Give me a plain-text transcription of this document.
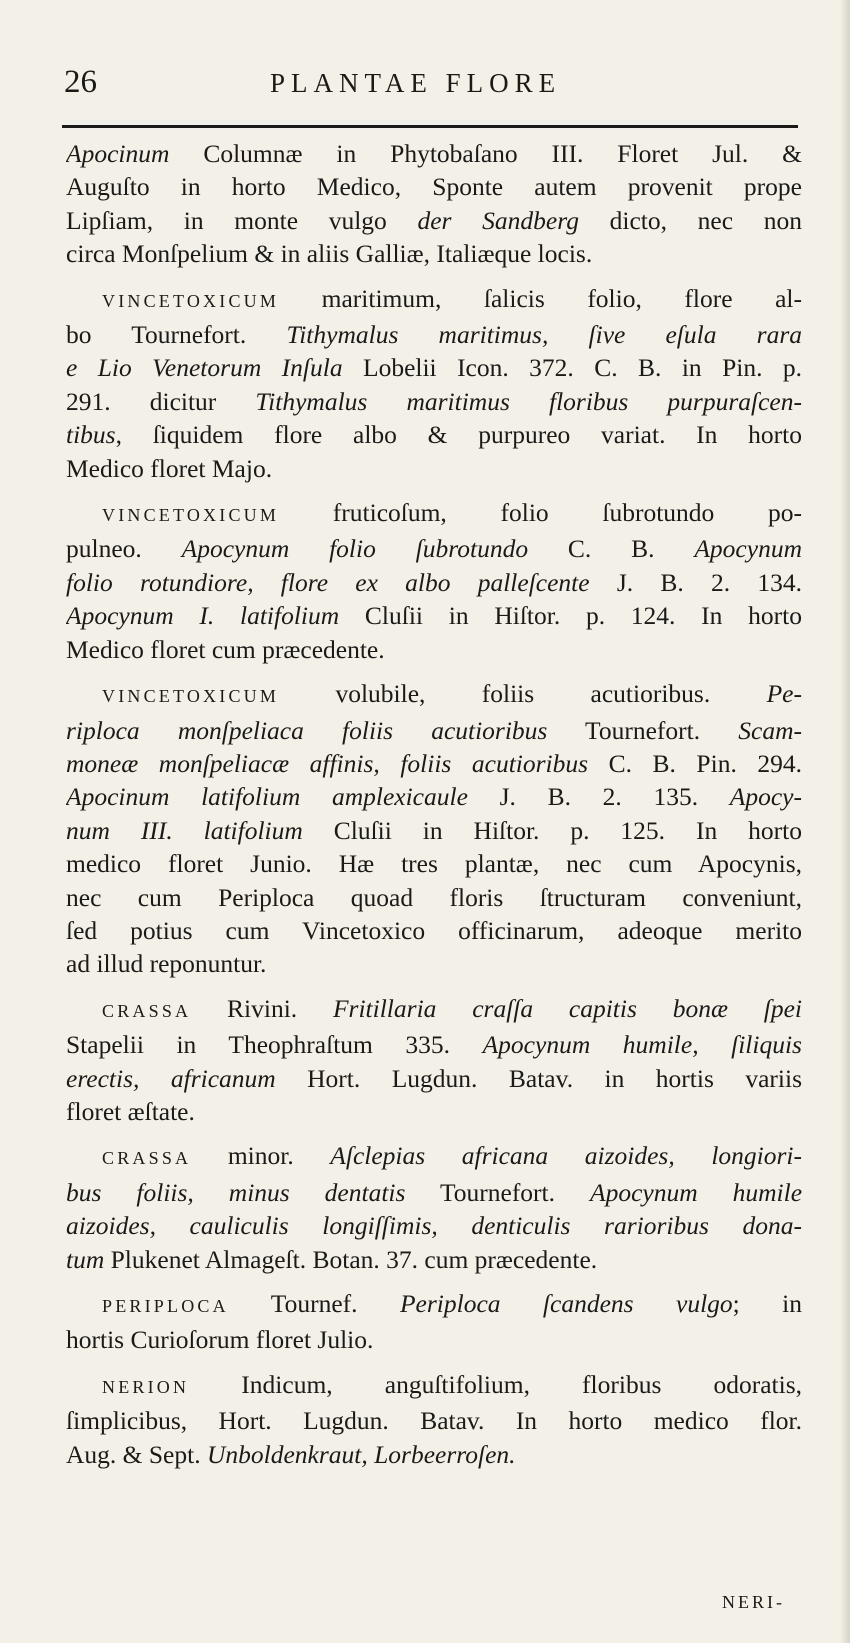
26	PLANTAE FLORE
Apocinum Columnæ in Phytobaſano III. Floret Jul. &
Auguſto in horto Medico, Sponte autem provenit prope
Lipſiam, in monte vulgo der Sandberg dicto, nec non
circa Monſpelium & in aliis Galliæ, Italiæque locis.
VINCETOXICUM maritimum, ſalicis folio, flore al-
bo Tournefort. Tithymalus maritimus, ſive eſula rara
e Lio Venetorum Inſula Lobelii Icon. 372. C. B. in Pin. p.
291. dicitur Tithymalus maritimus floribus purpuraſcen-
tibus, ſiquidem flore albo & purpureo variat. In horto
Medico floret Majo.
VINCETOXICUM fruticoſum, folio ſubrotundo po-
pulneo. Apocynum folio ſubrotundo C. B. Apocynum
folio rotundiore, flore ex albo palleſcente J. B. 2. 134.
Apocynum I. latifolium Cluſii in Hiſtor. p. 124. In horto
Medico floret cum præcedente.
VINCETOXICUM volubile, foliis acutioribus. Pe-
riploca monſpeliaca foliis acutioribus Tournefort. Scam-
moneæ monſpeliacæ affinis, foliis acutioribus C. B. Pin. 294.
Apocinum latifolium amplexicaule J. B. 2. 135. Apocy-
num III. latifolium Cluſii in Hiſtor. p. 125. In horto
medico floret Junio. Hæ tres plantæ, nec cum Apocynis,
nec cum Periploca quoad floris ſtructuram conveniunt,
ſed potius cum Vincetoxico officinarum, adeoque merito
ad illud reponuntur.
CRASSA Rivini. Fritillaria craſſa capitis bonæ ſpei
Stapelii in Theophraſtum 335. Apocynum humile, ſiliquis
erectis, africanum Hort. Lugdun. Batav. in hortis variis
floret æſtate.
CRASSA minor. Aſclepias africana aizoides, longiori-
bus foliis, minus dentatis Tournefort. Apocynum humile
aizoides, cauliculis longiſſimis, denticulis rarioribus dona-
tum Plukenet Almageſt. Botan. 37. cum præcedente.
PERIPLOCA Tournef. Periploca ſcandens vulgo; in
hortis Curioſorum floret Julio.
NERION Indicum, anguſtifolium, floribus odoratis,
ſimplicibus, Hort. Lugdun. Batav. In horto medico flor.
Aug. & Sept. Unboldenkraut, Lorbeerroſen.
NERI-
